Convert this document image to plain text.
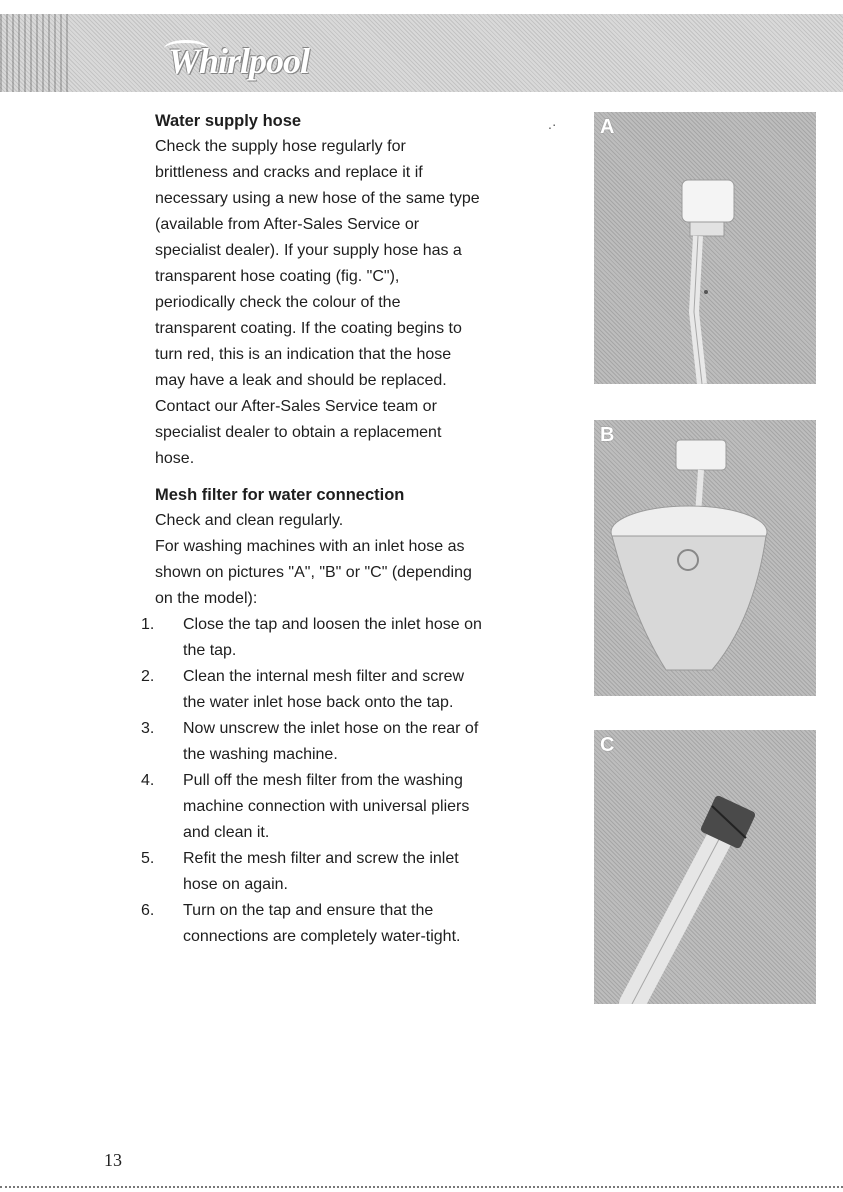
Whirlpool
.·

Water supply hose

Check the supply hose regularly for
brittleness and cracks and replace it if
necessary using a new hose of the same type
(available from After-Sales Service or
specialist dealer). If your supply hose has a
transparent hose coating (fig. "C"),
periodically check the colour of the
transparent coating. If the coating begins to
turn red, this is an indication that the hose
may have a leak and should be replaced.
Contact our After-Sales Service team or
specialist dealer to obtain a replacement
hose.

Mesh filter for water connection

Check and clean regularly.
For washing machines with an inlet hose as
shown on pictures "A", "B" or "C" (depending
on the model):
1. Close the tap and loosen the inlet hose on
the tap.
2. Clean the internal mesh filter and screw
the water inlet hose back onto the tap.
3. Now unscrew the inlet hose on the rear of
the washing machine.
4. Pull off the mesh filter from the washing
machine connection with universal pliers
and clean it.
5. Refit the mesh filter and screw the inlet
hose on again.
6. Turn on the tap and ensure that the
connections are completely water-tight.
A
B
C
13
